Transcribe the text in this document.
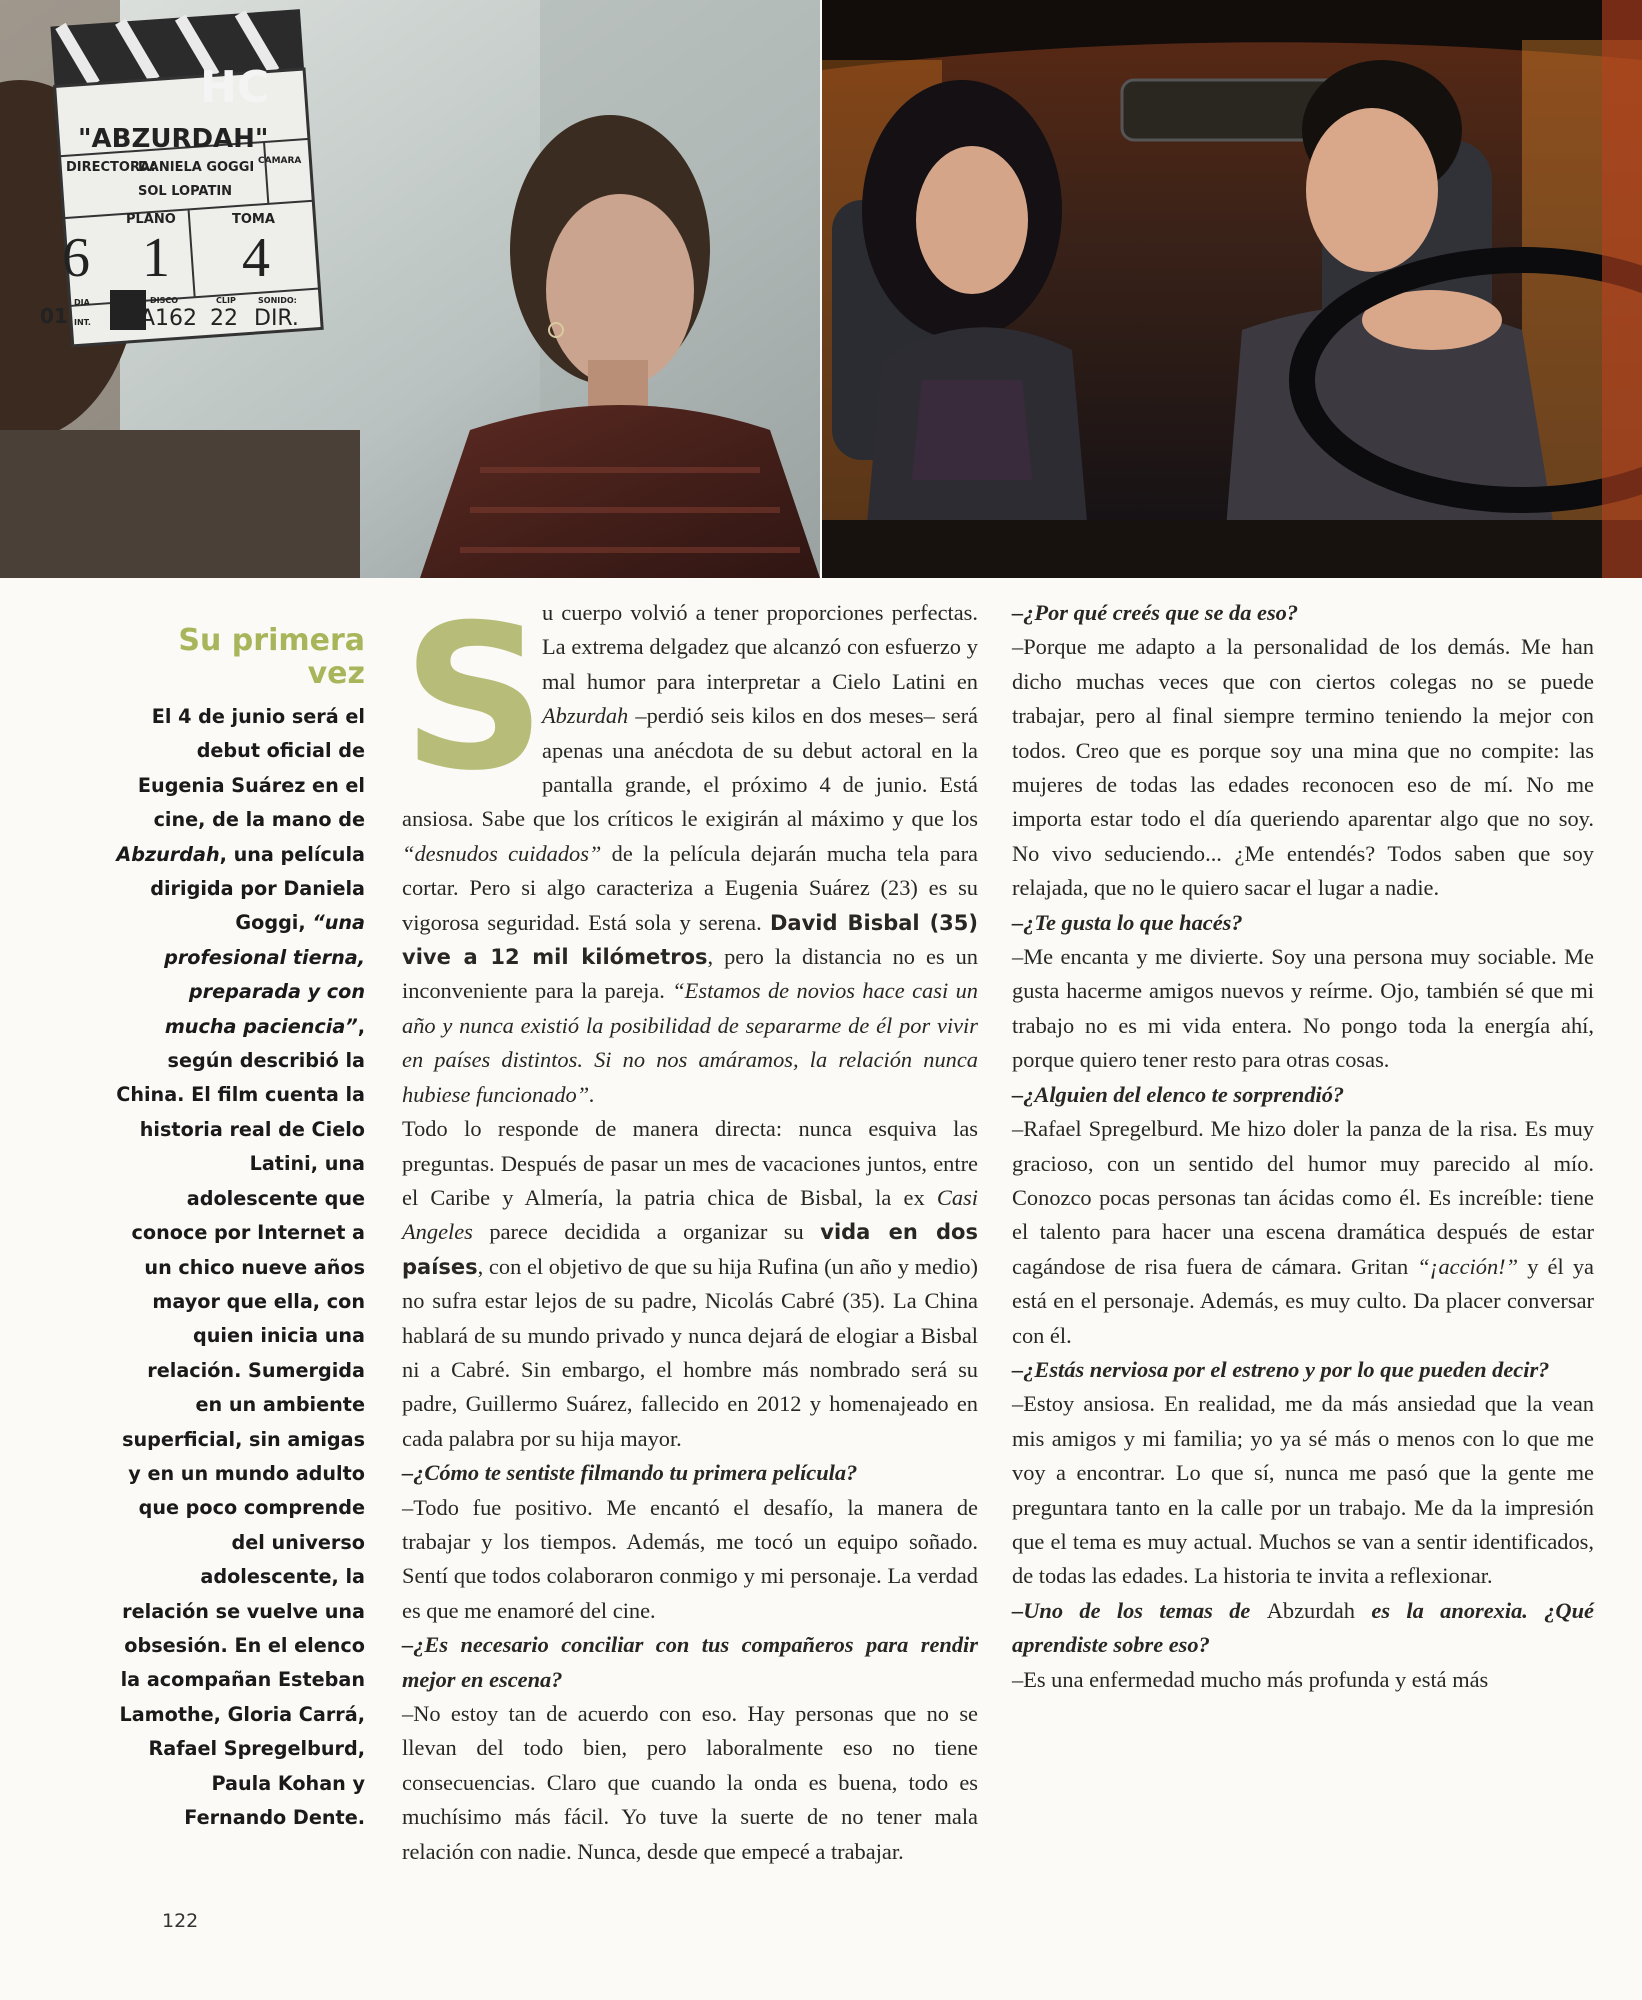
HC
"ABZURDAH"
DIRECTORA:
DANIELA GOGGI
SOL LOPATIN
CAMARA
PLANO	TOMA
6 1 4
DIA
INT.
01
DISCO
A162
CLIP
22
SONIDO:
DIR.
Su primera vez
El 4 de junio será el debut oficial de Eugenia Suárez en el cine, de la mano de Abzurdah, una película dirigida por Daniela Goggi, “una profesional tierna, preparada y con mucha paciencia”, según describió la China. El film cuenta la historia real de Cielo Latini, una adolescente que conoce por Internet a un chico nueve años mayor que ella, con quien inicia una relación. Sumergida en un ambiente superficial, sin amigas y en un mundo adulto que poco comprende del universo adolescente, la relación se vuelve una obsesión. En el elenco la acompañan Esteban Lamothe, Gloria Carrá, Rafael Spregelburd, Paula Kohan y Fernando Dente.
S

u cuerpo volvió a tener proporciones perfectas. La extrema delgadez que alcanzó con esfuerzo y mal humor para interpretar a Cielo Latini en Abzurdah –perdió seis kilos en dos meses– será apenas una anécdota de su debut actoral en la pantalla grande, el próximo 4 de junio. Está ansiosa. Sabe que los críticos le exigirán al máximo y que los “desnudos cuidados” de la película dejarán mucha tela para cortar. Pero si algo caracteriza a Eugenia Suárez (23) es su vigorosa seguridad. Está sola y serena. David Bisbal (35) vive a 12 mil kilómetros, pero la distancia no es un inconveniente para la pareja. “Estamos de novios hace casi un año y nunca existió la posibilidad de separarme de él por vivir en países distintos. Si no nos amáramos, la relación nunca hubiese funcionado”.

Todo lo responde de manera directa: nunca esquiva las preguntas. Después de pasar un mes de vacaciones juntos, entre el Caribe y Almería, la patria chica de Bisbal, la ex Casi Angeles parece decidida a organizar su vida en dos países, con el objetivo de que su hija Rufina (un año y medio) no sufra estar lejos de su padre, Nicolás Cabré (35). La China hablará de su mundo privado y nunca dejará de elogiar a Bisbal ni a Cabré. Sin embargo, el hombre más nombrado será su padre, Guillermo Suárez, fallecido en 2012 y homenajeado en cada palabra por su hija mayor.

–¿Cómo te sentiste filmando tu primera película?

–Todo fue positivo. Me encantó el desafío, la manera de trabajar y los tiempos. Además, me tocó un equipo soñado. Sentí que todos colaboraron conmigo y mi personaje. La verdad es que me enamoré del cine.

–¿Es necesario conciliar con tus compañeros para rendir mejor en escena?

–No estoy tan de acuerdo con eso. Hay personas que no se llevan del todo bien, pero laboralmente eso no tiene consecuencias. Claro que cuando la onda es buena, todo es muchísimo más fácil. Yo tuve la suerte de no tener mala relación con nadie. Nunca, desde que empecé a trabajar.

–¿Por qué creés que se da eso?

–Porque me adapto a la personalidad de los demás. Me han dicho muchas veces que con ciertos colegas no se puede trabajar, pero al final siempre termino teniendo la mejor con todos. Creo que es porque soy una mina que no compite: las mujeres de todas las edades reconocen eso de mí. No me importa estar todo el día queriendo aparentar algo que no soy. No vivo seduciendo... ¿Me entendés? Todos saben que soy relajada, que no le quiero sacar el lugar a nadie.

–¿Te gusta lo que hacés?

–Me encanta y me divierte. Soy una persona muy sociable. Me gusta hacerme amigos nuevos y reírme. Ojo, también sé que mi trabajo no es mi vida entera. No pongo toda la energía ahí, porque quiero tener resto para otras cosas.

–¿Alguien del elenco te sorprendió?

–Rafael Spregelburd. Me hizo doler la panza de la risa. Es muy gracioso, con un sentido del humor muy parecido al mío. Conozco pocas personas tan ácidas como él. Es increíble: tiene el talento para hacer una escena dramática después de estar cagándose de risa fuera de cámara. Gritan “¡acción!” y él ya está en el personaje. Además, es muy culto. Da placer conversar con él.

–¿Estás nerviosa por el estreno y por lo que pueden decir?

–Estoy ansiosa. En realidad, me da más ansiedad que la vean mis amigos y mi familia; yo ya sé más o menos con lo que me voy a encontrar. Lo que sí, nunca me pasó que la gente me preguntara tanto en la calle por un trabajo. Me da la impresión que el tema es muy actual. Muchos se van a sentir identificados, de todas las edades. La historia te invita a reflexionar.

–Uno de los temas de Abzurdah es la anorexia. ¿Qué aprendiste sobre eso?

–Es una enfermedad mucho más profunda y está más

122
